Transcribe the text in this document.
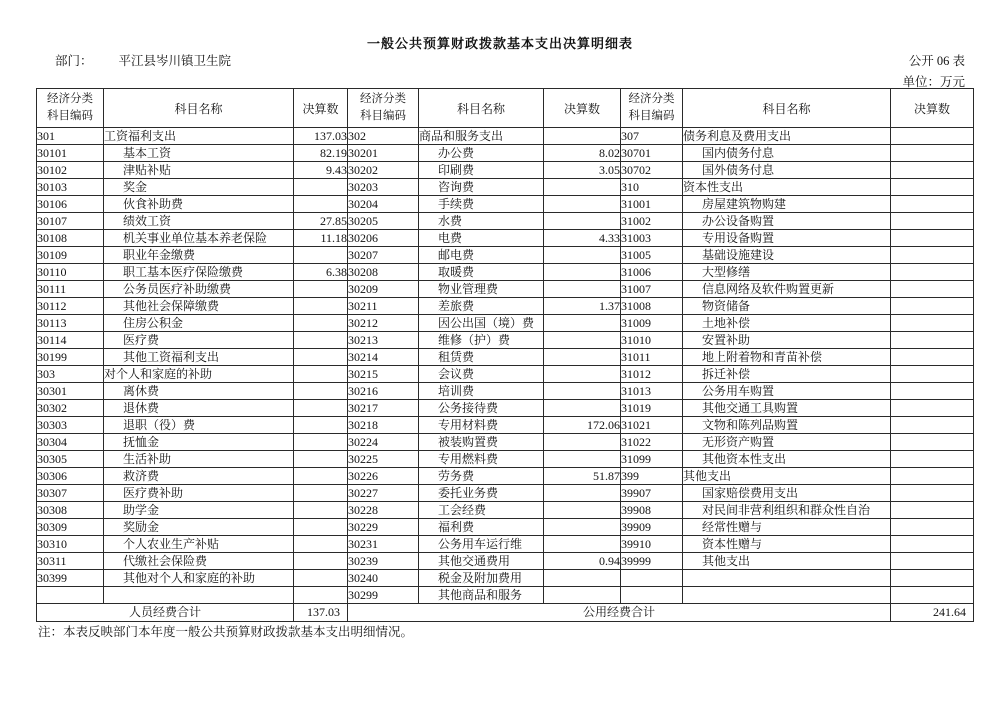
一般公共预算财政拨款基本支出决算明细表
部门： 平江县岑川镇卫生院	公开 06 表
单位：万元
经济分类
科目编码	科目名称	决算数	经济分类
科目编码	科目名称	决算数	经济分类
科目编码	科目名称	决算数
301	工资福利支出	137.03	302	商品和服务支出		307	债务利息及费用支出	
30101	基本工资	82.19	30201	办公费	8.02	30701	国内债务付息	
30102	津贴补贴	9.43	30202	印刷费	3.05	30702	国外债务付息	
30103	奖金		30203	咨询费		310	资本性支出	
30106	伙食补助费		30204	手续费		31001	房屋建筑物购建	
30107	绩效工资	27.85	30205	水费		31002	办公设备购置	
30108	机关事业单位基本养老保险	11.18	30206	电费	4.33	31003	专用设备购置	
30109	职业年金缴费		30207	邮电费		31005	基础设施建设	
30110	职工基本医疗保险缴费	6.38	30208	取暖费		31006	大型修缮	
30111	公务员医疗补助缴费		30209	物业管理费		31007	信息网络及软件购置更新	
30112	其他社会保障缴费		30211	差旅费	1.37	31008	物资储备	
30113	住房公积金		30212	因公出国（境）费		31009	土地补偿	
30114	医疗费		30213	维修（护）费		31010	安置补助	
30199	其他工资福利支出		30214	租赁费		31011	地上附着物和青苗补偿	
303	对个人和家庭的补助		30215	会议费		31012	拆迁补偿	
30301	离休费		30216	培训费		31013	公务用车购置	
30302	退休费		30217	公务接待费		31019	其他交通工具购置	
30303	退职（役）费		30218	专用材料费	172.06	31021	文物和陈列品购置	
30304	抚恤金		30224	被装购置费		31022	无形资产购置	
30305	生活补助		30225	专用燃料费		31099	其他资本性支出	
30306	救济费		30226	劳务费	51.87	399	其他支出	
30307	医疗费补助		30227	委托业务费		39907	国家赔偿费用支出	
30308	助学金		30228	工会经费		39908	对民间非营利组织和群众性自治	
30309	奖励金		30229	福利费		39909	经常性赠与	
30310	个人农业生产补贴		30231	公务用车运行维		39910	资本性赠与	
30311	代缴社会保险费		30239	其他交通费用	0.94	39999	其他支出	
30399	其他对个人和家庭的补助		30240	税金及附加费用				
			30299	其他商品和服务				
人员经费合计		137.03	公用经费合计					241.64
注：本表反映部门本年度一般公共预算财政拨款基本支出明细情况。
